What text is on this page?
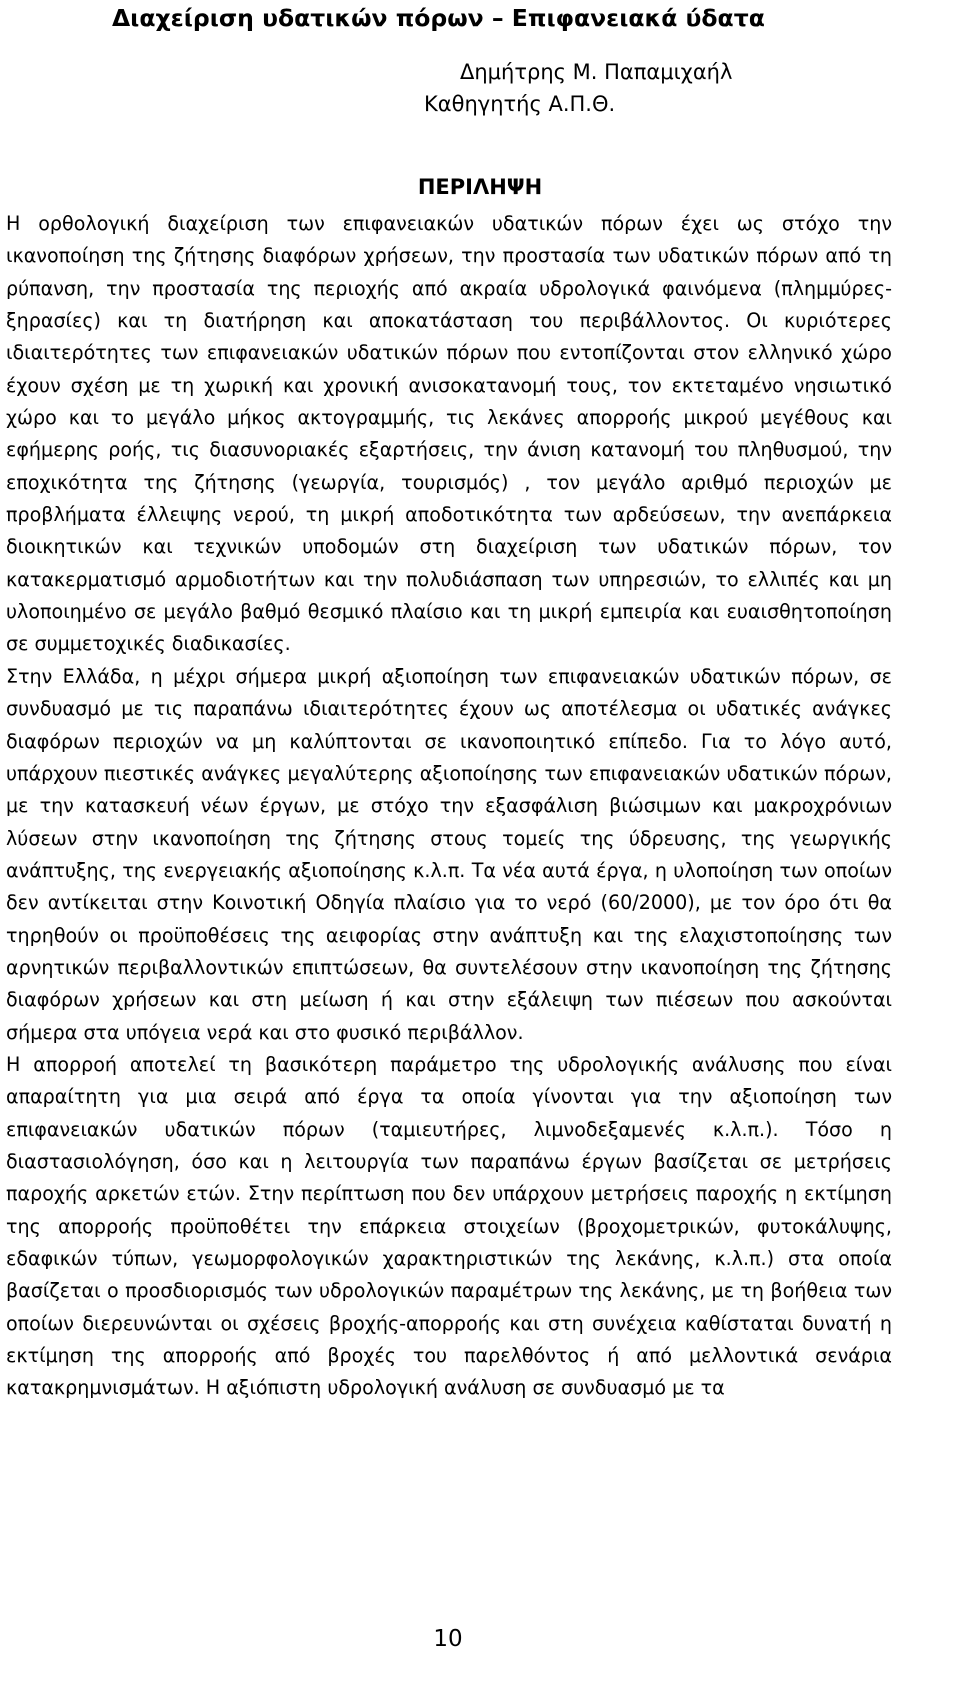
Διαχείριση υδατικών πόρων – Επιφανειακά ύδατα
Δημήτρης Μ. Παπαμιχαήλ
Καθηγητής Α.Π.Θ.
ΠΕΡΙΛΗΨΗ

Η ορθολογική διαχείριση των επιφανειακών υδατικών πόρων έχει ως στόχο την ικανοποίηση της ζήτησης διαφόρων χρήσεων, την προστασία των υδατικών πόρων από τη ρύπανση, την προστασία της περιοχής από ακραία υδρολογικά φαινόμενα (πλημμύρες-ξηρασίες) και τη διατήρηση και αποκατάσταση του περιβάλλοντος. Οι κυριότερες ιδιαιτερότητες των επιφανειακών υδατικών πόρων που εντοπίζονται στον ελληνικό χώρο έχουν σχέση με τη χωρική και χρονική ανισοκατανομή τους, τον εκτεταμένο νησιωτικό χώρο και το μεγάλο μήκος ακτογραμμής, τις λεκάνες απορροής μικρού μεγέθους και εφήμερης ροής, τις διασυνοριακές εξαρτήσεις, την άνιση κατανομή του πληθυσμού, την εποχικότητα της ζήτησης (γεωργία, τουρισμός) , τον μεγάλο αριθμό περιοχών με προβλήματα έλλειψης νερού, τη μικρή αποδοτικότητα των αρδεύσεων, την ανεπάρκεια διοικητικών και τεχνικών υποδομών στη διαχείριση των υδατικών πόρων, τον κατακερματισμό αρμοδιοτήτων και την πολυδιάσπαση των υπηρεσιών, το ελλιπές και μη υλοποιημένο σε μεγάλο βαθμό θεσμικό πλαίσιο και τη μικρή εμπειρία και ευαισθητοποίηση σε συμμετοχικές διαδικασίες.

Στην Ελλάδα, η μέχρι σήμερα μικρή αξιοποίηση των επιφανειακών υδατικών πόρων, σε συνδυασμό με τις παραπάνω ιδιαιτερότητες έχουν ως αποτέλεσμα οι υδατικές ανάγκες διαφόρων περιοχών να μη καλύπτονται σε ικανοποιητικό επίπεδο. Για το λόγο αυτό, υπάρχουν πιεστικές ανάγκες μεγαλύτερης αξιοποίησης των επιφανειακών υδατικών πόρων, με την κατασκευή νέων έργων, με στόχο την εξασφάλιση βιώσιμων και μακροχρόνιων λύσεων στην ικανοποίηση της ζήτησης στους τομείς της ύδρευσης, της γεωργικής ανάπτυξης, της ενεργειακής αξιοποίησης κ.λ.π. Τα νέα αυτά έργα, η υλοποίηση των οποίων δεν αντίκειται στην Κοινοτική Οδηγία πλαίσιο για το νερό (60/2000), με τον όρο ότι θα τηρηθούν οι προϋποθέσεις της αειφορίας στην ανάπτυξη και της ελαχιστοποίησης των αρνητικών περιβαλλοντικών επιπτώσεων, θα συντελέσουν στην ικανοποίηση της ζήτησης διαφόρων χρήσεων και στη μείωση ή και στην εξάλειψη των πιέσεων που ασκούνται σήμερα στα υπόγεια νερά και στο φυσικό περιβάλλον.

Η απορροή αποτελεί τη βασικότερη παράμετρο της υδρολογικής ανάλυσης που είναι απαραίτητη για μια σειρά από έργα τα οποία γίνονται για την αξιοποίηση των επιφανειακών υδατικών πόρων (ταμιευτήρες, λιμνοδεξαμενές κ.λ.π.). Τόσο η διαστασιολόγηση, όσο και η λειτουργία των παραπάνω έργων βασίζεται σε μετρήσεις παροχής αρκετών ετών. Στην περίπτωση που δεν υπάρχουν μετρήσεις παροχής η εκτίμηση της απορροής προϋποθέτει την επάρκεια στοιχείων (βροχομετρικών, φυτοκάλυψης, εδαφικών τύπων, γεωμορφολογικών χαρακτηριστικών της λεκάνης, κ.λ.π.) στα οποία βασίζεται ο προσδιορισμός των υδρολογικών παραμέτρων της λεκάνης, με τη βοήθεια των οποίων διερευνώνται οι σχέσεις βροχής-απορροής και στη συνέχεια καθίσταται δυνατή η εκτίμηση της απορροής από βροχές του παρελθόντος ή από μελλοντικά σενάρια κατακρημνισμάτων. Η αξιόπιστη υδρολογική ανάλυση σε συνδυασμό με τα

10
